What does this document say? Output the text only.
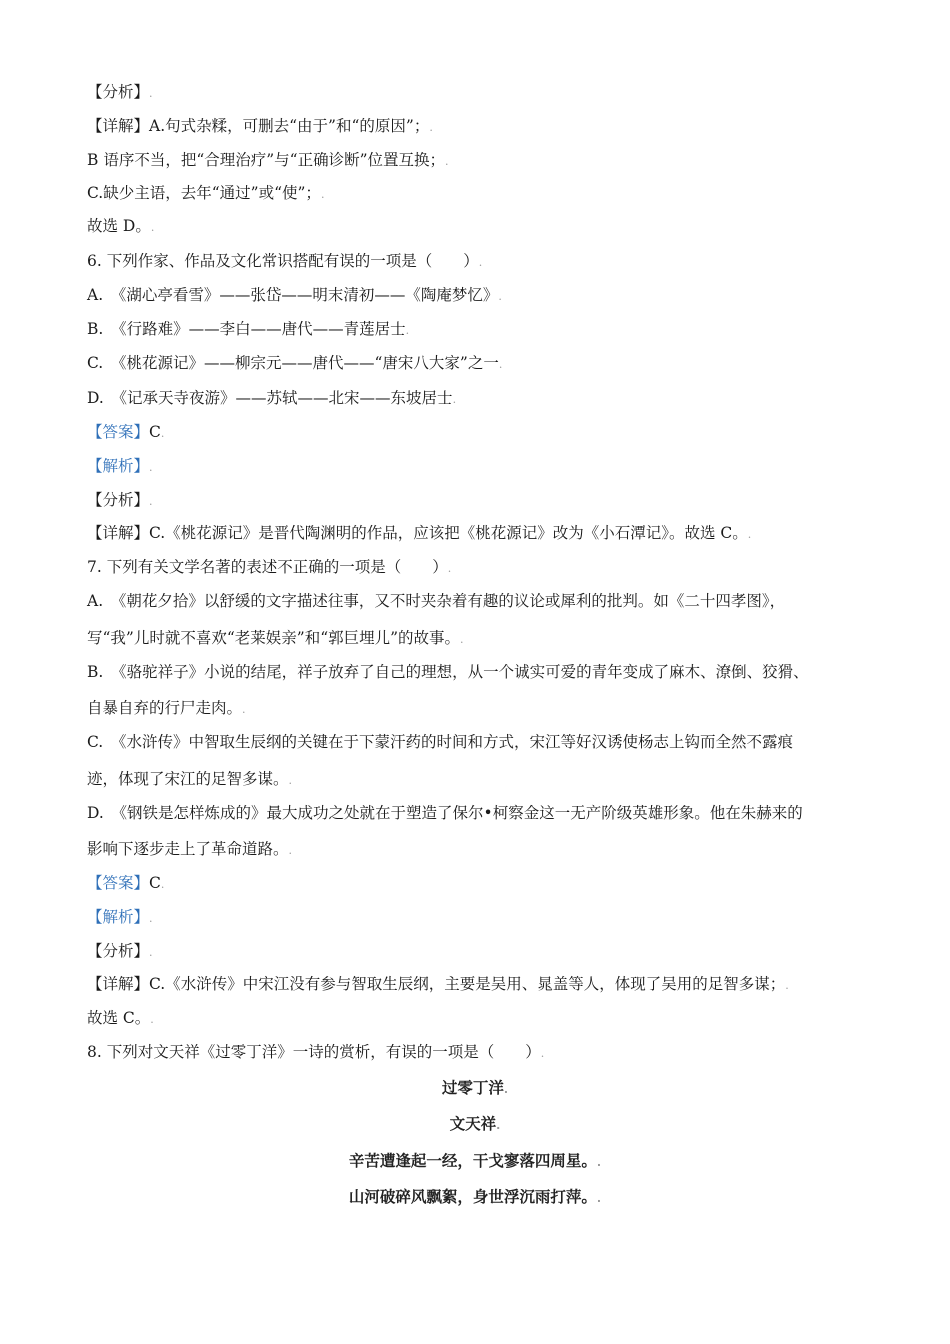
【分析】.
【详解】A.句式杂糅，可删去“由于”和“的原因”；.
B 语序不当，把“合理治疗”与“正确诊断”位置互换；.
C.缺少主语，去年“通过”或“使”；.
故选 D。.
6. 下列作家、作品及文化常识搭配有误的一项是（　　）.
A.　《湖心亭看雪》——张岱——明末清初——《陶庵梦忆》.
B.　《行路难》——李白——唐代——青莲居士.
C.　《桃花源记》——柳宗元——唐代——“唐宋八大家”之一.
D.　《记承天寺夜游》——苏轼——北宋——东坡居士.
【答案】C.
【解析】.
【分析】.
【详解】C.《桃花源记》是晋代陶渊明的作品，应该把《桃花源记》改为《小石潭记》。故选 C。.
7. 下列有关文学名著的表述不正确的一项是（　　）.
A.　《朝花夕拾》以舒缓的文字描述往事，又不时夹杂着有趣的议论或犀利的批判。如《二十四孝图》，
写“我”儿时就不喜欢“老莱娱亲”和“郭巨埋儿”的故事。.
B.　《骆驼祥子》小说的结尾，祥子放弃了自己的理想，从一个诚实可爱的青年变成了麻木、潦倒、狡猾、
自暴自弃的行尸走肉。.
C.　《水浒传》中智取生辰纲的关键在于下蒙汗药的时间和方式，宋江等好汉诱使杨志上钩而全然不露痕
迹，体现了宋江的足智多谋。.
D.　《钢铁是怎样炼成的》最大成功之处就在于塑造了保尔•柯察金这一无产阶级英雄形象。他在朱赫来的
影响下逐步走上了革命道路。.
【答案】C.
【解析】.
【分析】.
【详解】C.《水浒传》中宋江没有参与智取生辰纲，主要是吴用、晁盖等人，体现了吴用的足智多谋；.
故选 C。.
8. 下列对文天祥《过零丁洋》一诗的赏析，有误的一项是（　　）.
过零丁洋.
文天祥.
辛苦遭逢起一经，干戈寥落四周星。.
山河破碎风飘絮，身世浮沉雨打萍。.
